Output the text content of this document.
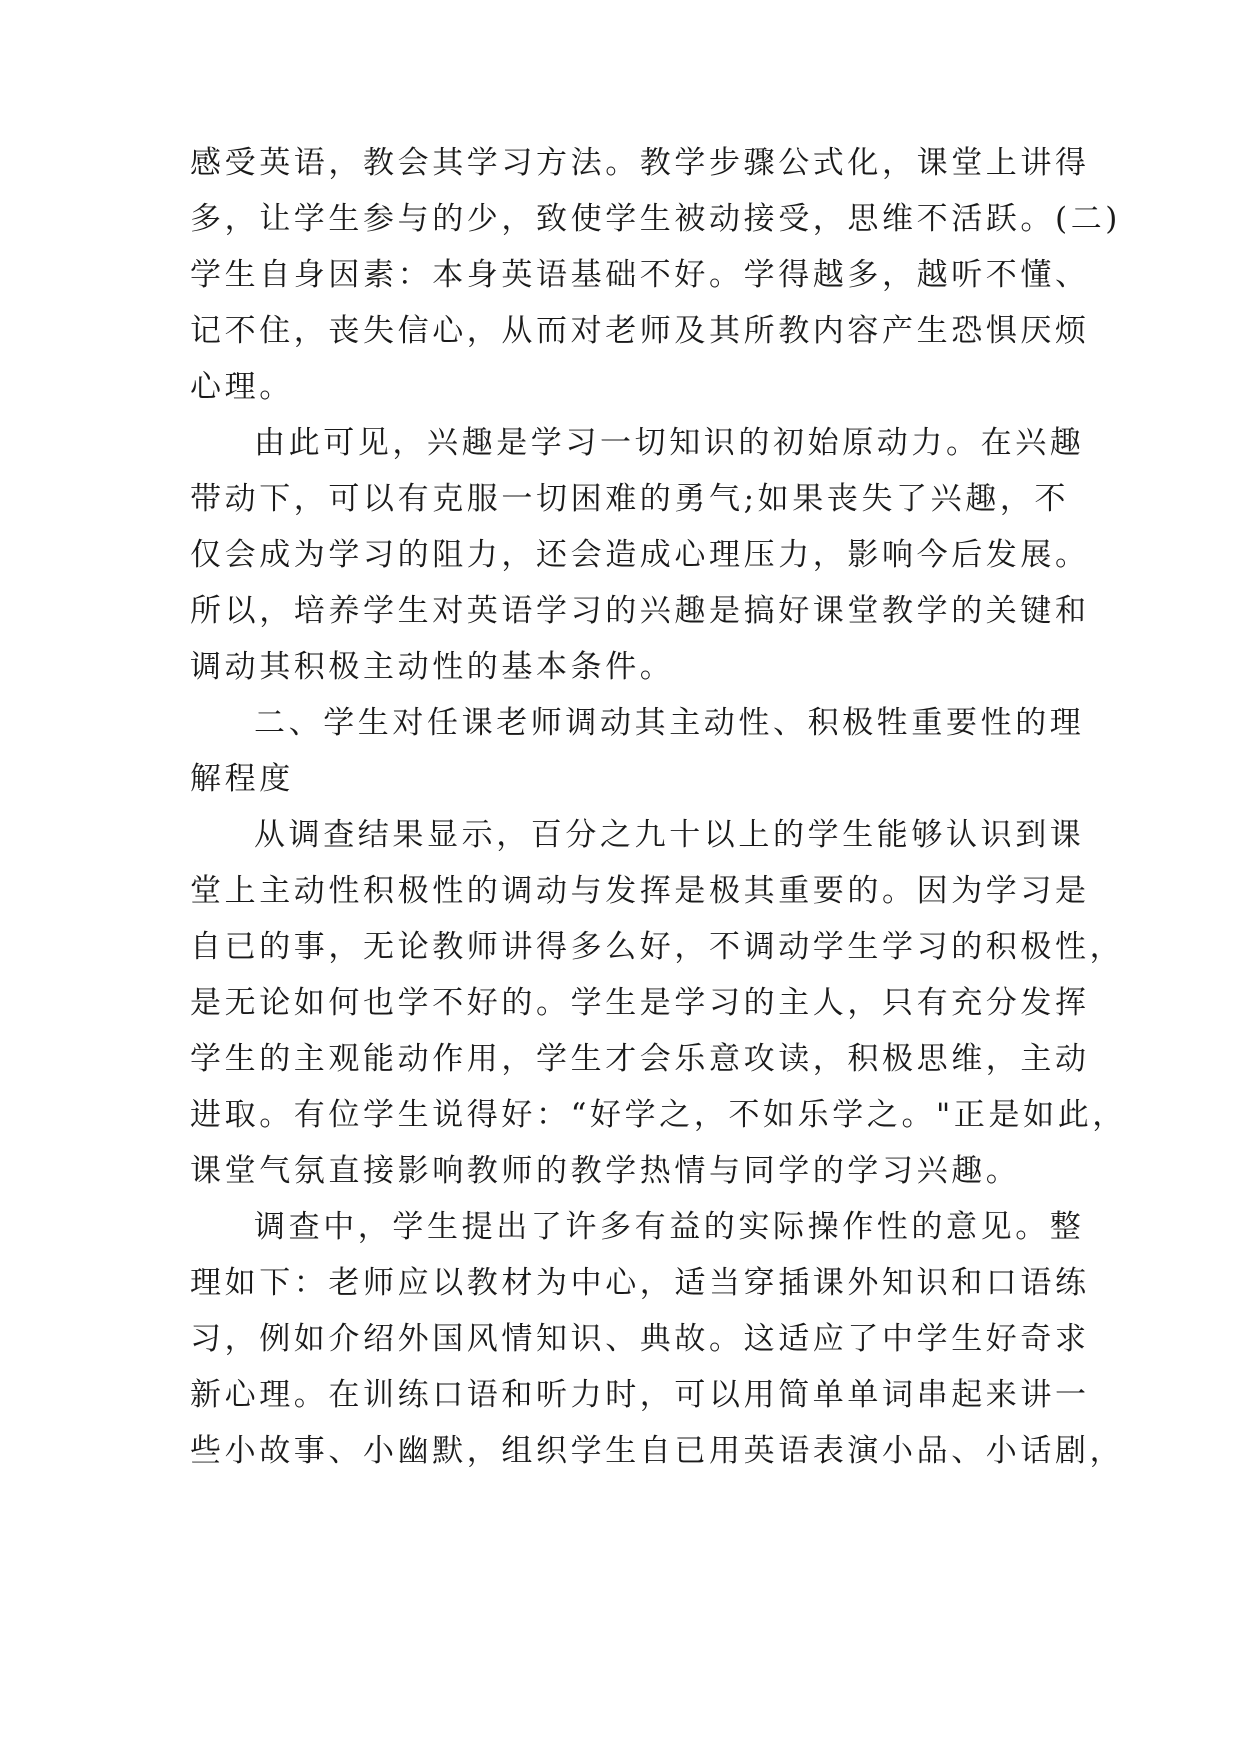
感受英语，教会其学习方法。教学步骤公式化，课堂上讲得
多，让学生参与的少，致使学生被动接受，思维不活跃。(二)
学生自身因素：本身英语基础不好。学得越多，越听不懂、
记不住，丧失信心，从而对老师及其所教内容产生恐惧厌烦
心理。
由此可见，兴趣是学习一切知识的初始原动力。在兴趣
带动下，可以有克服一切困难的勇气;如果丧失了兴趣，不
仅会成为学习的阻力，还会造成心理压力，影响今后发展。
所以，培养学生对英语学习的兴趣是搞好课堂教学的关键和
调动其积极主动性的基本条件。
二、学生对任课老师调动其主动性、积极牲重要性的理
解程度
从调查结果显示，百分之九十以上的学生能够认识到课
堂上主动性积极性的调动与发挥是极其重要的。因为学习是
自已的事，无论教师讲得多么好，不调动学生学习的积极性，
是无论如何也学不好的。学生是学习的主人，只有充分发挥
学生的主观能动作用，学生才会乐意攻读，积极思维，主动
进取。有位学生说得好：“好学之，不如乐学之。"正是如此，
课堂气氛直接影响教师的教学热情与同学的学习兴趣。
调查中，学生提出了许多有益的实际操作性的意见。整
理如下：老师应以教材为中心，适当穿插课外知识和口语练
习，例如介绍外国风情知识、典故。这适应了中学生好奇求
新心理。在训练口语和听力时，可以用简单单词串起来讲一
些小故事、小幽默，组织学生自已用英语表演小品、小话剧，
